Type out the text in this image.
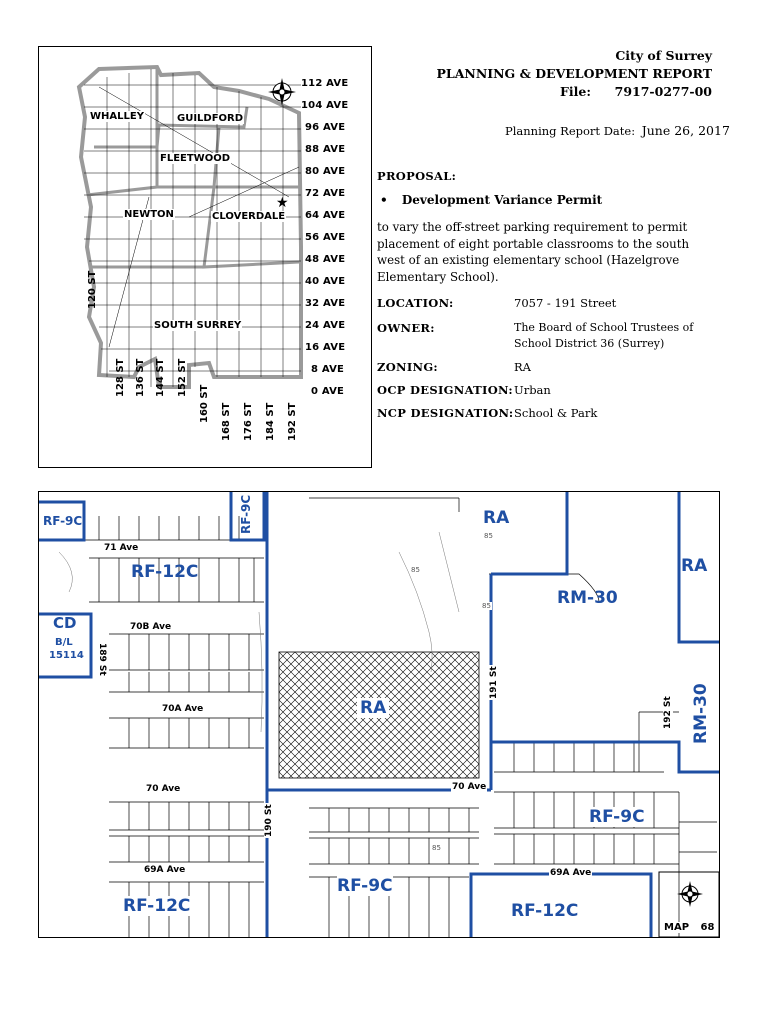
★
112 AVE
104 AVE
96 AVE
88 AVE
80 AVE
72 AVE
64 AVE
56 AVE
48 AVE
40 AVE
32 AVE
24 AVE
16 AVE
8 AVE
0 AVE
WHALLEY	GUILDFORD
FLEETWOOD
NEWTON	CLOVERDALE
SOUTH SURREY
120 ST
128 ST 136 ST 144 ST 152 ST
160 ST 168 ST 176 ST 184 ST 192 ST
City of Surrey
PLANNING & DEVELOPMENT REPORT
File: 7917-0277-00
Planning Report Date: June 26, 2017
PROPOSAL:
• Development Variance Permit
to vary the off-street parking requirement to permit
placement of eight portable classrooms to the south
west of an existing elementary school (Hazelgrove
Elementary School).
LOCATION:	7057 - 191 Street
OWNER:	The Board of School Trustees of
School District 36 (Surrey)
ZONING:	RA
OCP DESIGNATION: Urban
NCP DESIGNATION: School & Park
RF-9C	RF-9C	RA
RF-12C	RA
RM-30
CD
B/L
15114
RA	RM-30
RF-9C
RF-9C
RF-12C	RF-12C
71 Ave
70B Ave
70A Ave
70 Ave	70 Ave
69A Ave	69A Ave
189 St
190 St
191 St
192 St
85
85
85
85
MAP 68
